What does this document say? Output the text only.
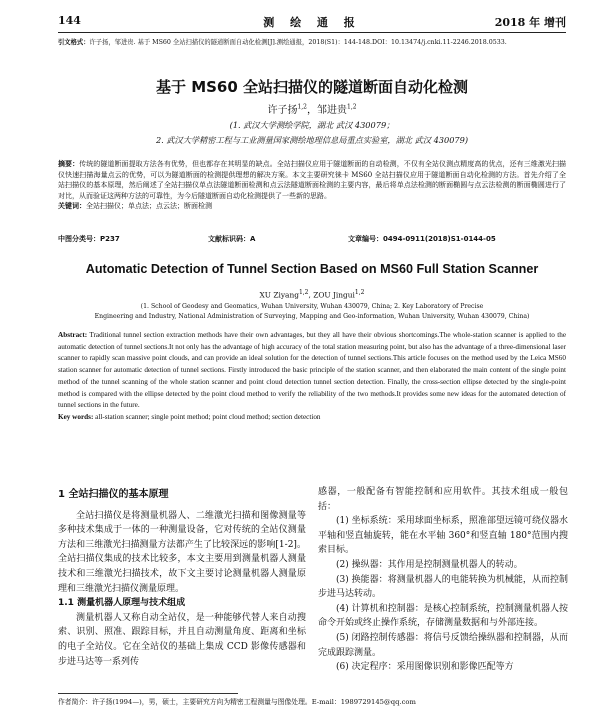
144	测 绘 通 报	2018 年 增刊
引文格式：许子扬，邹进贵. 基于 MS60 全站扫描仪的隧道断面自动化检测[J].测绘通报，2018(S1)：144-148.DOI：10.13474/j.cnki.11-2246.2018.0533.
基于 MS60 全站扫描仪的隧道断面自动化检测
许子扬$^{1,2}$，邹进贵$^{1,2}$
(1. 武汉大学测绘学院，湖北 武汉 430079；
2. 武汉大学精密工程与工业测量国家测绘地理信息局重点实验室，湖北 武汉 430079)
摘要：传统的隧道断面提取方法各有优势，但也都存在其明显的缺点。全站扫描仪应用于隧道断面的自动检测，不仅有全站仪测点精度高的优点，还有三维激光扫描仪快速扫描海量点云的优势，可以为隧道断面的检测提供理想的解决方案。本文主要研究徕卡 MS60 全站扫描仪应用于隧道断面自动化检测的方法。首先介绍了全站扫描仪的基本原理，然后阐述了全站扫描仪单点法隧道断面检测和点云法隧道断面检测的主要内容，最后将单点法检测的断面椭圆与点云法检测的断面椭圆进行了对比，从而验证这两种方法的可靠性，为今后隧道断面自动化检测提供了一些新的思路。
关键词：全站扫描仪；单点法；点云法；断面检测
中图分类号：P237	文献标识码：A	文章编号：0494-0911(2018)S1-0144-05
Automatic Detection of Tunnel Section Based on MS60 Full Station Scanner
XU Ziyang$^{1,2}$, ZOU Jingui$^{1,2}$
(1. School of Geodesy and Geomatics, Wuhan University, Wuhan 430079, China; 2. Key Laboratory of Precise
Engineering and Industry, National Administration of Surveying, Mapping and Geo-information, Wuhan University, Wuhan 430079, China)
Abstract: Traditional tunnel section extraction methods have their own advantages, but they all have their obvious shortcomings.The whole-station scanner is applied to the automatic detection of tunnel sections.It not only has the advantage of high accuracy of the total station measuring point, but also has the advantage of a three-dimensional laser scanner to rapidly scan massive point clouds, and can provide an ideal solution for the detection of tunnel sections.This article focuses on the method used by the Leica MS60 station scanner for automatic detection of tunnel sections. Firstly introduced the basic principle of the station scanner, and then elaborated the main content of the single point method of the tunnel scanning of the whole station scanner and point cloud detection tunnel section detection. Finally, the cross-section ellipse detected by the single-point method is compared with the ellipse detected by the point cloud method to verify the reliability of the two methods.It provides some new ideas for the automated detection of tunnel sections in the future.
Key words: all-station scanner; single point method; point cloud method; section detection
1 全站扫描仪的基本原理

全站扫描仪是将测量机器人、二维激光扫描和图像测量等多种技术集成于一体的一种测量设备，它对传统的全站仪测量方法和三维激光扫描测量方法都产生了比较深远的影响[1-2]。全站扫描仪集成的技术比较多，本文主要用到测量机器人测量技术和三维激光扫描技术，故下文主要讨论测量机器人测量原理和三维激光扫描仪测量原理。

1.1 测量机器人原理与技术组成

测量机器人又称自动全站仪，是一种能够代替人来自动搜索、识别、照准、跟踪目标，并且自动测量角度、距离和坐标的电子全站仪。它在全站仪的基础上集成 CCD 影像传感器和步进马达等一系列传

感器，一般配备有智能控制和应用软件。其技术组成一般包括：

(1) 坐标系统：采用球面坐标系，照准部望远镜可绕仪器水平轴和竖直轴旋转，能在水平轴 360°和竖直轴 180°范围内搜索目标。

(2) 操纵器：其作用是控制测量机器人的转动。

(3) 换能器：将测量机器人的电能转换为机械能，从而控制步进马达转动。

(4) 计算机和控制器：是核心控制系统，控制测量机器人按命令开始或终止操作系统，存储测量数据和与外部连接。

(5) 闭路控制传感器：将信号反馈给操纵器和控制器，从而完成跟踪测量。

(6) 决定程序：采用图像识别和影像匹配等方

作者简介：许子扬(1994—)，男，硕士，主要研究方向为精密工程测量与图像处理。E-mail：1989729145@qq.com
